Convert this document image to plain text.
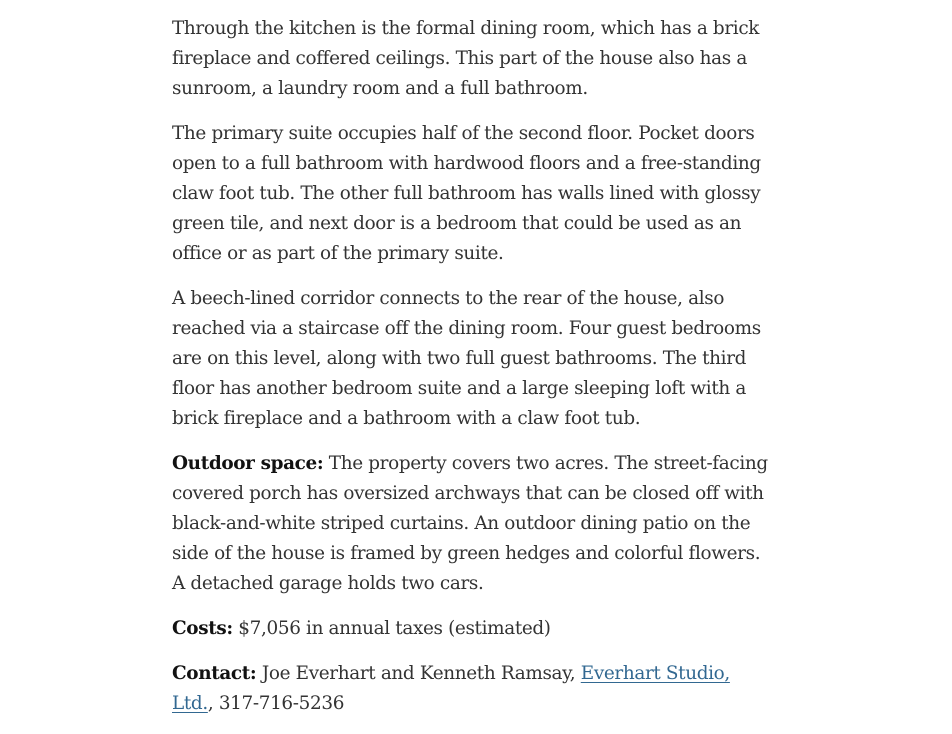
Through the kitchen is the formal dining room, which has a brick fireplace and coffered ceilings. This part of the house also has a sunroom, a laundry room and a full bathroom.

The primary suite occupies half of the second floor. Pocket doors open to a full bathroom with hardwood floors and a free-standing claw foot tub. The other full bathroom has walls lined with glossy green tile, and next door is a bedroom that could be used as an office or as part of the primary suite.

A beech-lined corridor connects to the rear of the house, also reached via a staircase off the dining room. Four guest bedrooms are on this level, along with two full guest bathrooms. The third floor has another bedroom suite and a large sleeping loft with a brick fireplace and a bathroom with a claw foot tub.

Outdoor space: The property covers two acres. The street-facing covered porch has oversized archways that can be closed off with black-and-white striped curtains. An outdoor dining patio on the side of the house is framed by green hedges and colorful flowers. A detached garage holds two cars.

Costs: $7,056 in annual taxes (estimated)

Contact: Joe Everhart and Kenneth Ramsay, Everhart Studio, Ltd., 317-716-5236
